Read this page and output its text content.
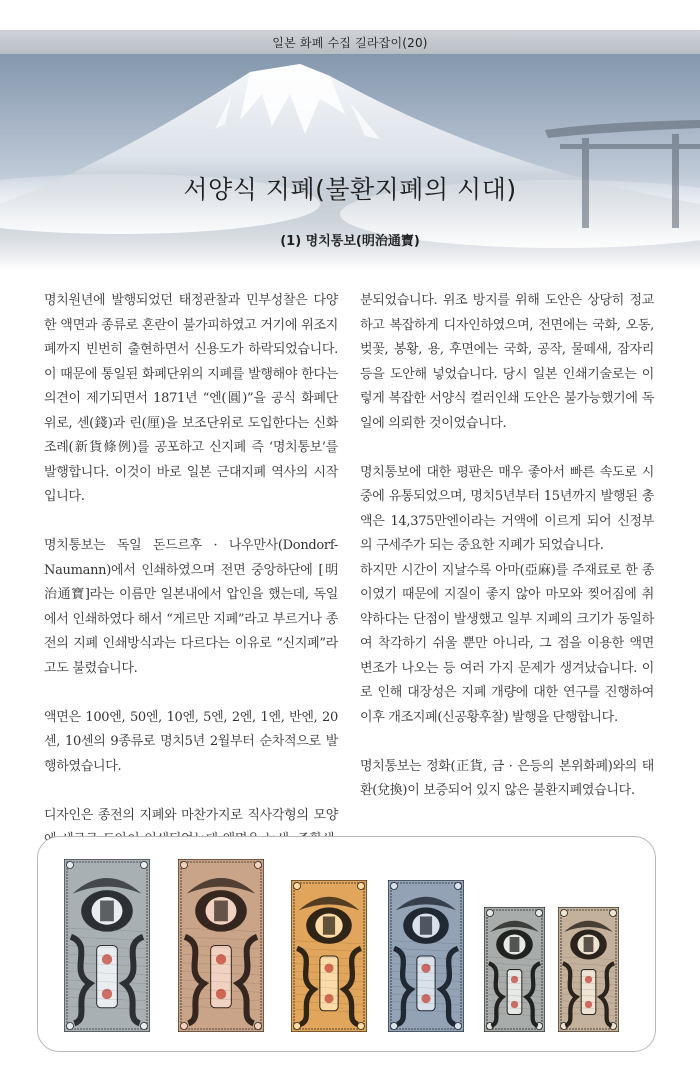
일본 화폐 수집 길라잡이(20)
서양식 지폐(불환지폐의 시대)
(1) 명치통보(明治通寶)

명치원년에 발행되었던 태정관찰과 민부성찰은 다양한 액면과 종류로 혼란이 불가피하였고 거기에 위조지폐까지 빈번히 출현하면서 신용도가 하락되었습니다. 이 때문에 통일된 화폐단위의 지폐를 발행해야 한다는 의견이 제기되면서 1871년 “엔(圓)”을 공식 화폐단위로, 센(錢)과 린(厘)을 보조단위로 도입한다는 신화조례(新貨條例)를 공포하고 신지폐 즉 ‘명치통보’를 발행합니다. 이것이 바로 일본 근대지폐 역사의 시작입니다.

명치통보는 독일 돈드르후 · 나우만사(Dondorf-Naumann)에서 인쇄하였으며 전면 중앙하단에 [明治通寶]라는 이름만 일본내에서 압인을 했는데, 독일에서 인쇄하였다 해서 “게르만 지폐”라고 부르거나 종전의 지폐 인쇄방식과는 다르다는 이유로 “신지폐”라고도 불렸습니다.

액면은 100엔, 50엔, 10엔, 5엔, 2엔, 1엔, 반엔, 20센, 10센의 9종류로 명치5년 2월부터 순차적으로 발행하였습니다.

디자인은 종전의 지폐와 마찬가지로 직사각형의 모양

분되었습니다. 위조 방지를 위해 도안은 상당히 정교하고 복잡하게 디자인하였으며, 전면에는 국화, 오동, 벚꽃, 봉황, 용, 후면에는 국화, 공작, 물떼새, 잠자리 등을 도안해 넣었습니다. 당시 일본 인쇄기술로는 이렇게 복잡한 서양식 컬러인쇄 도안은 불가능했기에 독일에 의뢰한 것이었습니다.

명치통보에 대한 평판은 매우 좋아서 빠른 속도로 시중에 유통되었으며, 명치5년부터 15년까지 발행된 총액은 14,375만엔이라는 거액에 이르게 되어 신정부의 구세주가 되는 중요한 지폐가 되었습니다.

하지만 시간이 지날수록 아마(亞麻)를 주재료로 한 종이였기 때문에 지질이 좋지 않아 마모와 찢어짐에 취약하다는 단점이 발생했고 일부 지폐의 크기가 동일하여 착각하기 쉬울 뿐만 아니라, 그 점을 이용한 액면 변조가 나오는 등 여러 가지 문제가 생겨났습니다. 이로 인해 대장성은 지폐 개량에 대한 연구를 진행하여 이후 개조지폐(신공황후찰) 발행을 단행합니다.

명치통보는 정화(正貨, 금 · 은등의 본위화폐)와의 태환(兌換)이 보증되어 있지 않은 불환지폐였습니다.
